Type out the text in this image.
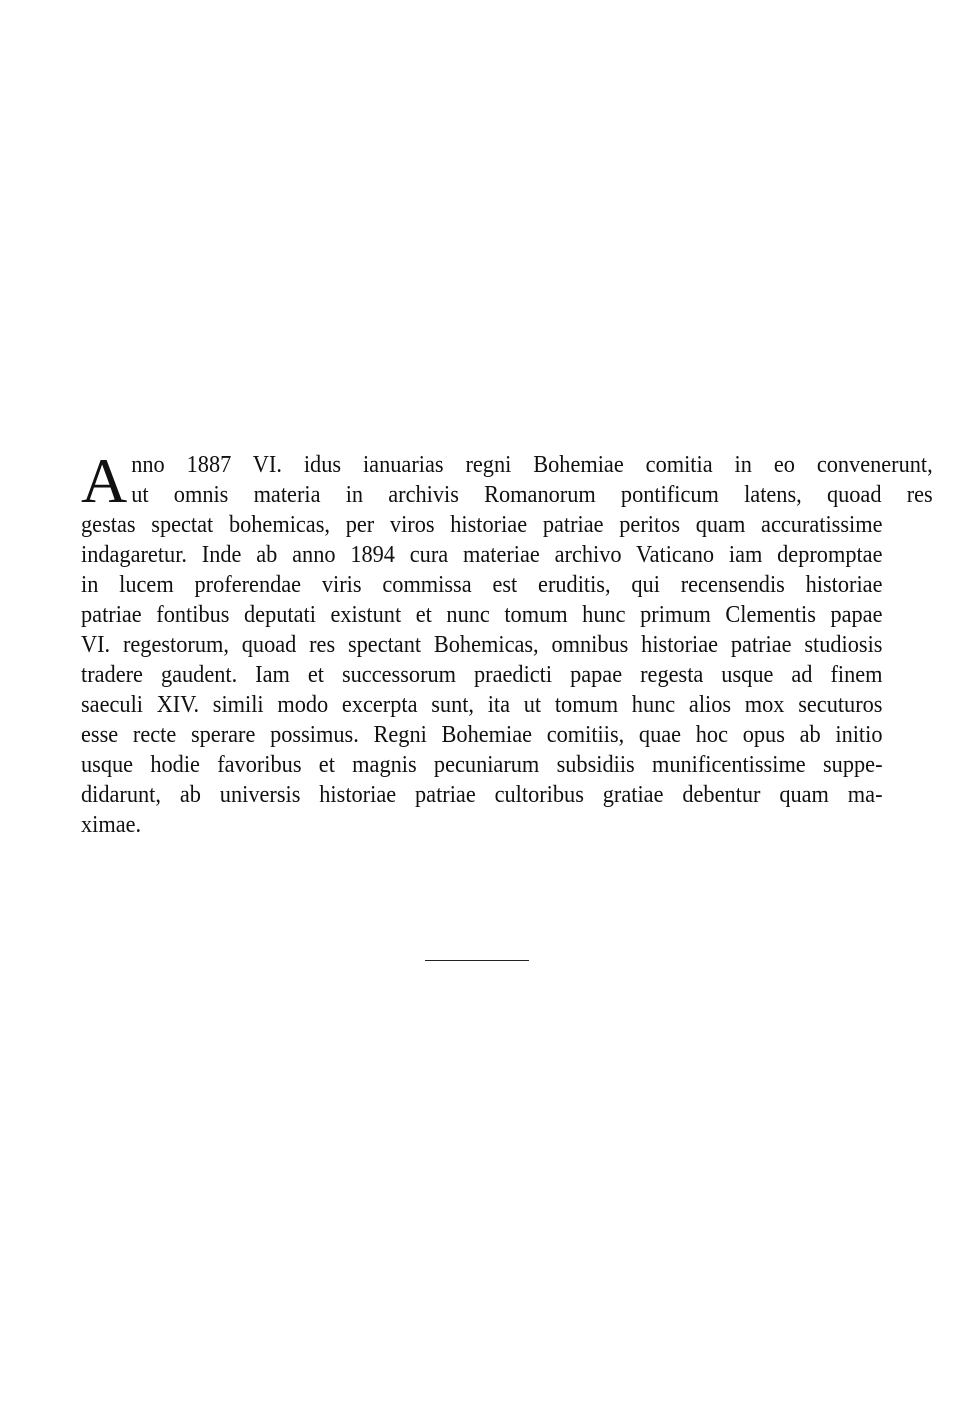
A nno 1887 VI. idus ianuarias regni Bohemiae comitia in eo convenerunt,
ut omnis materia in archivis Romanorum pontificum latens, quoad res
gestas spectat bohemicas, per viros historiae patriae peritos quam accuratissime
indagaretur. Inde ab anno 1894 cura materiae archivo Vaticano iam depromptae
in lucem proferendae viris commissa est eruditis, qui recensendis historiae
patriae fontibus deputati existunt et nunc tomum hunc primum Clementis papae
VI. regestorum, quoad res spectant Bohemicas, omnibus historiae patriae studiosis
tradere gaudent. Iam et successorum praedicti papae regesta usque ad finem
saeculi XIV. simili modo excerpta sunt, ita ut tomum hunc alios mox secuturos
esse recte sperare possimus. Regni Bohemiae comitiis, quae hoc opus ab initio
usque hodie favoribus et magnis pecuniarum subsidiis munificentissime suppe-
didarunt, ab universis historiae patriae cultoribus gratiae debentur quam ma-
ximae.
